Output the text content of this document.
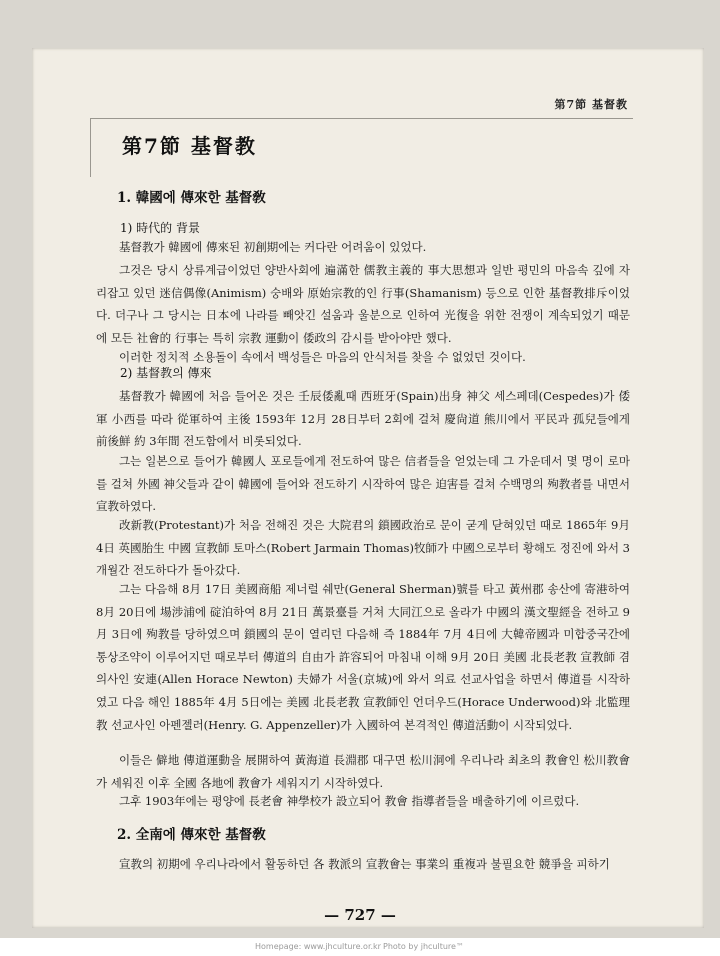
第7節 基督教
第7節 基督教
1. 韓國에 傳來한 基督敎
1) 時代的 背景

基督教가 韓國에 傳來된 初創期에는 커다란 어려움이 있었다.

그것은 당시 상류계급이었던 양반사회에 遍滿한 儒教主義的 事大思想과 일반 평민의 마음속 깊에 자리잡고 있던 迷信偶像(Animism) 숭배와 原始宗教的인 行事(Shamanism) 등으로 인한 基督教排斥이었다. 더구나 그 당시는 日本에 나라를 빼앗긴 설움과 울분으로 인하여 光復을 위한 전쟁이 계속되었기 때문에 모든 社會的 行事는 특히 宗教 運動이 倭政의 감시를 받아야만 했다.

이러한 정치적 소용돌이 속에서 백성들은 마음의 안식처를 찾을 수 없었던 것이다.

2) 基督教의 傳來

基督教가 韓國에 처음 들어온 것은 壬辰倭亂때 西班牙(Spain)出身 神父 세스페데(Cespedes)가 倭軍 小西를 따라 從軍하여 主後 1593年 12月 28日부터 2회에 걸쳐 慶尙道 熊川에서 平民과 孤兒들에게 前後鮮 約 3年間 전도함에서 비롯되었다.

그는 일본으로 들어가 韓國人 포로들에게 전도하여 많은 信者들을 얻었는데 그 가운데서 몇 명이 로마를 걸쳐 外國 神父들과 같이 韓國에 들어와 전도하기 시작하여 많은 迫害를 걸쳐 수백명의 殉教者를 내면서 宣教하였다.

改新教(Protestant)가 처음 전해진 것은 大院君의 鎖國政治로 문이 굳게 닫혀있던 때로 1865年 9月 4日 英國胎生 中國 宣教師 토마스(Robert Jarmain Thomas)牧師가 中國으로부터 황해도 정진에 와서 3개월간 전도하다가 돌아갔다.

그는 다음해 8月 17日 美國商船 제너럴 쉐만(General Sherman)號를 타고 黃州郡 송산에 寄港하여 8月 20日에 場涉浦에 碇泊하여 8月 21日 萬景臺를 거쳐 大同江으로 올라가 中國의 漢文聖經을 전하고 9月 3日에 殉教를 당하였으며 鎖國의 문이 열리던 다음해 즉 1884年 7月 4日에 大韓帝國과 미합중국간에 통상조약이 이루어지던 때로부터 傳道의 自由가 許容되어 마침내 이해 9月 20日 美國 北長老教 宣教師 겸 의사인 安連(Allen Horace Newton) 夫婦가 서울(京城)에 와서 의료 선교사업을 하면서 傳道를 시작하였고 다음 해인 1885年 4月 5日에는 美國 北長老教 宣教師인 언더우드(Horace Underwood)와 北監理教 선교사인 아펜젤러(Henry. G. Appenzeller)가 入國하여 본격적인 傳道活動이 시작되었다.

이들은 僻地 傳道運動을 展開하여 黃海道 長淵郡 대구면 松川洞에 우리나라 최초의 教會인 松川教會가 세워진 이후 全國 各地에 教會가 세워지기 시작하였다.

그후 1903年에는 평양에 長老會 神學校가 設立되어 教會 指導者들을 배출하기에 이르렀다.

2. 全南에 傳來한 基督敎

宣教의 初期에 우리나라에서 활동하던 各 教派의 宣教會는 事業의 重複과 불필요한 競爭을 피하기

— 727 —
Homepage: www.jhculture.or.kr Photo by jhculture™
